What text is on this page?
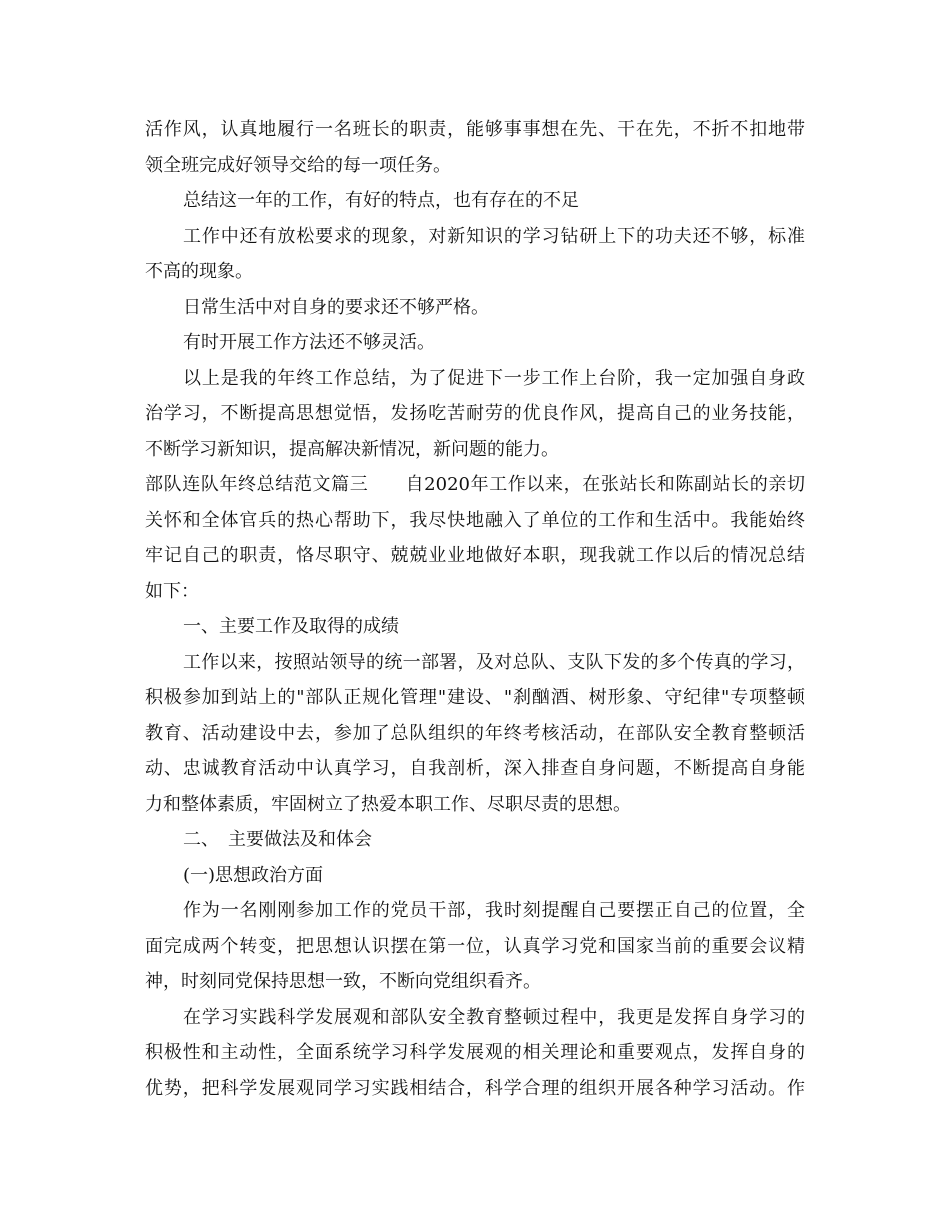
活作风，认真地履行一名班长的职责，能够事事想在先、干在先，不折不扣地带
领全班完成好领导交给的每一项任务。
总结这一年的工作，有好的特点，也有存在的不足
工作中还有放松要求的现象，对新知识的学习钻研上下的功夫还不够，标准
不高的现象。
日常生活中对自身的要求还不够严格。
有时开展工作方法还不够灵活。
以上是我的年终工作总结，为了促进下一步工作上台阶，我一定加强自身政
治学习，不断提高思想觉悟，发扬吃苦耐劳的优良作风，提高自己的业务技能，
不断学习新知识，提高解决新情况，新问题的能力。
部队连队年终总结范文篇三　　自2020年工作以来，在张站长和陈副站长的亲切
关怀和全体官兵的热心帮助下，我尽快地融入了单位的工作和生活中。我能始终
牢记自己的职责，恪尽职守、兢兢业业地做好本职，现我就工作以后的情况总结
如下：
一、主要工作及取得的成绩
工作以来，按照站领导的统一部署，及对总队、支队下发的多个传真的学习，
积极参加到站上的"部队正规化管理"建设、"刹酗酒、树形象、守纪律"专项整顿
教育、活动建设中去，参加了总队组织的年终考核活动，在部队安全教育整顿活
动、忠诚教育活动中认真学习，自我剖析，深入排查自身问题，不断提高自身能
力和整体素质，牢固树立了热爱本职工作、尽职尽责的思想。
二、　主要做法及和体会
(一)思想政治方面
作为一名刚刚参加工作的党员干部，我时刻提醒自己要摆正自己的位置，全
面完成两个转变，把思想认识摆在第一位，认真学习党和国家当前的重要会议精
神，时刻同党保持思想一致，不断向党组织看齐。
在学习实践科学发展观和部队安全教育整顿过程中，我更是发挥自身学习的
积极性和主动性，全面系统学习科学发展观的相关理论和重要观点，发挥自身的
优势，把科学发展观同学习实践相结合，科学合理的组织开展各种学习活动。作
